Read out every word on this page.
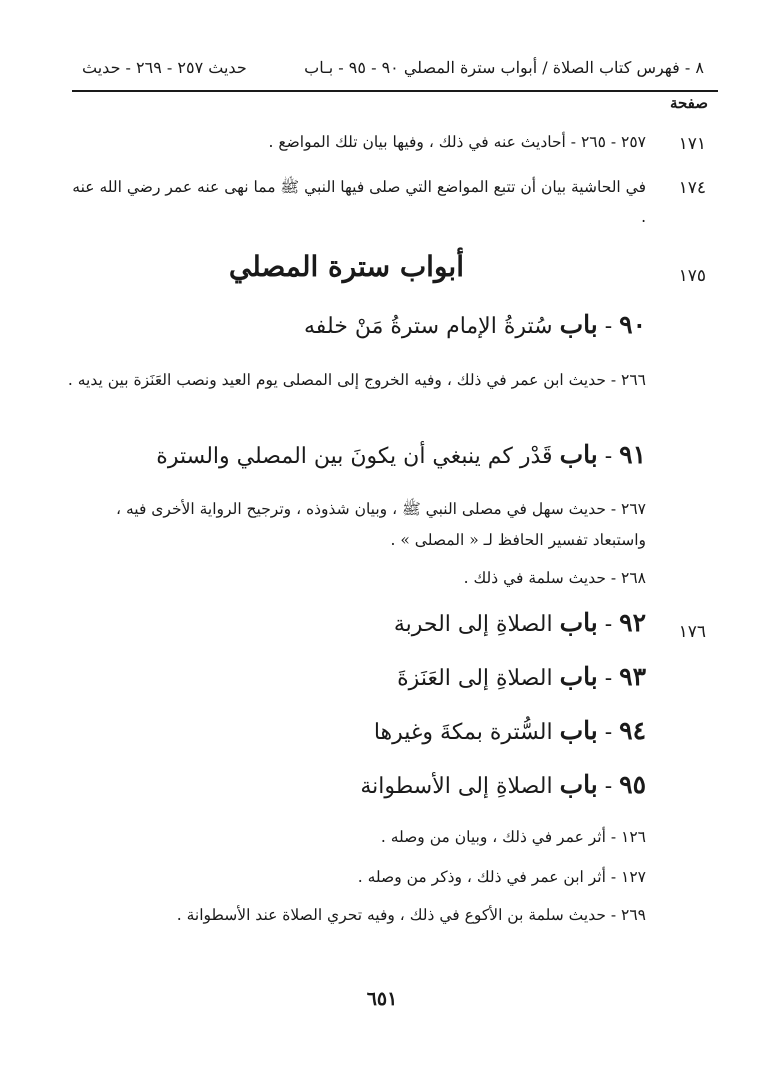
حديث ٢٥٧ - ٢٦٩ - حديث	٨ - فهرس كتاب الصلاة / أبواب سترة المصلي ٩٠ - ٩٥ - بـاب
صفحة
١٧١
٢٥٧ - ٢٦٥ - أحاديث عنه في ذلك ، وفيها بيان تلك المواضع .
١٧٤
في الحاشية بيان أن تتبع المواضع التي صلى فيها النبي ﷺ مما نهى عنه عمر رضي الله عنه .
١٧٥
أبواب سترة المصلي
٩٠ - باب سُترةُ الإمام سترةُ مَنْ خلفه
٢٦٦ - حديث ابن عمر في ذلك ، وفيه الخروج إلى المصلى يوم العيد ونصب العَنَزة بين يديه .
٩١ - باب قَدْر كم ينبغي أن يكونَ بين المصلي والسترة
٢٦٧ - حديث سهل في مصلى النبي ﷺ ، وبيان شذوذه ، وترجيح الرواية الأخرى فيه ، واستبعاد تفسير الحافظ لـ « المصلى » .
٢٦٨ - حديث سلمة في ذلك .
١٧٦
٩٢ - باب الصلاةِ إلى الحربة
٩٣ - باب الصلاةِ إلى العَنَزةَ
٩٤ - باب السُّترة بمكةَ وغيرها
٩٥ - باب الصلاةِ إلى الأسطوانة
١٢٦ - أثر عمر في ذلك ، وبيان من وصله .
١٢٧ - أثر ابن عمر في ذلك ، وذكر من وصله .
٢٦٩ - حديث سلمة بن الأكوع في ذلك ، وفيه تحري الصلاة عند الأسطوانة .
٦٥١
